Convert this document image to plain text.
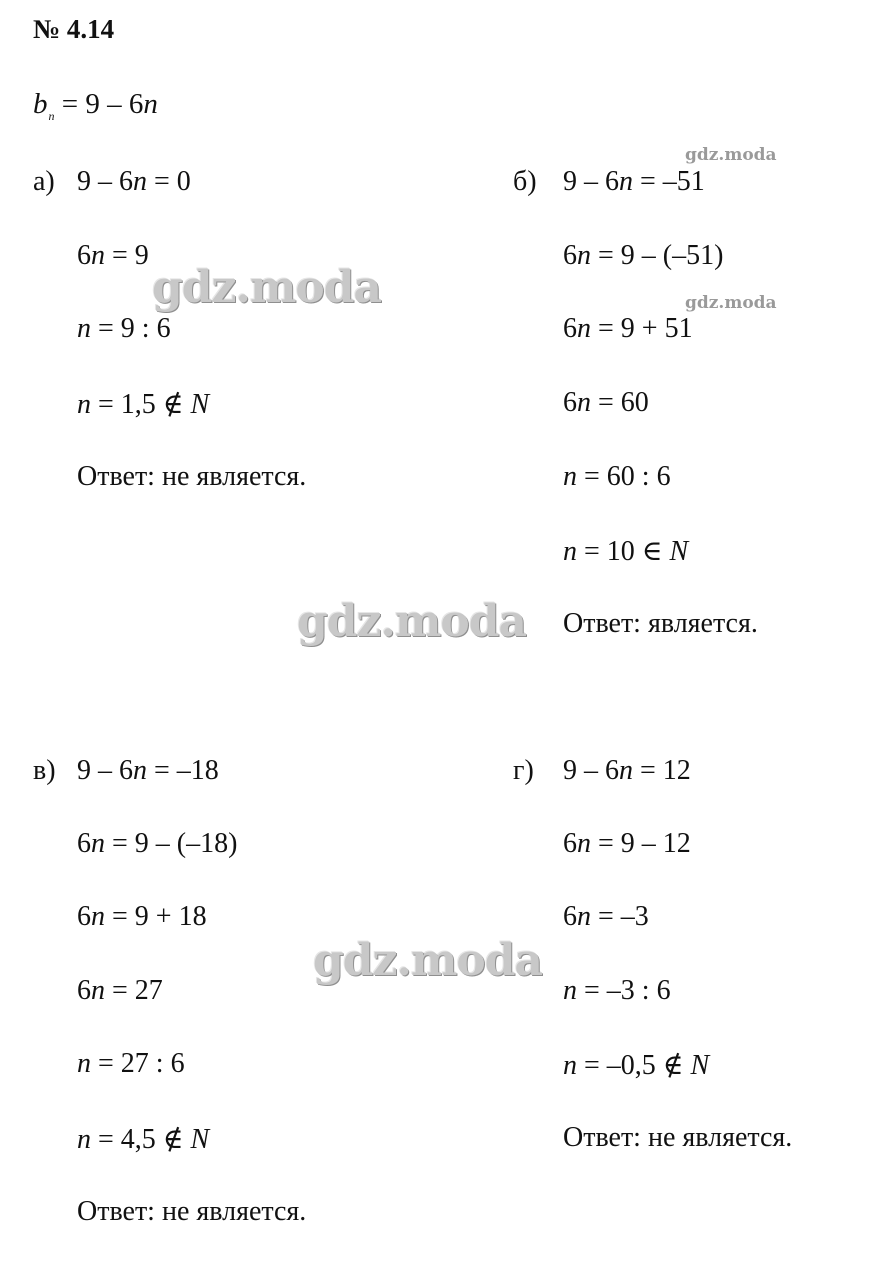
№ 4.14
$b_n = 9 - 6n$
gdz.moda
gdz.moda	gdz.moda
gdz.moda
gdz.moda
а) 9 – 6n = 0
6n = 9
n = 9 : 6
n = 1,5 ∉ N
Ответ: не является.
б) 9 – 6n = –51
6n = 9 – (–51)
6n = 9 + 51
6n = 60
n = 60 : 6
n = 10 ∈ N
Ответ: является.
в) 9 – 6n = –18
6n = 9 – (–18)
6n = 9 + 18
6n = 27
n = 27 : 6
n = 4,5 ∉ N
Ответ: не является.
г) 9 – 6n = 12
6n = 9 – 12
6n = –3
n = –3 : 6
n = –0,5 ∉ N
Ответ: не является.
